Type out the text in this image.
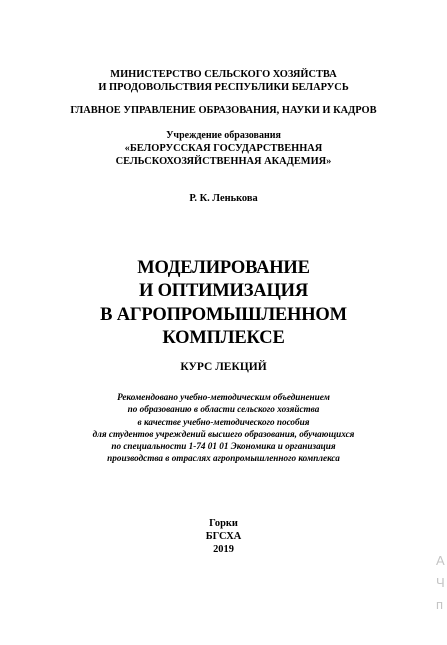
МИНИСТЕРСТВО СЕЛЬСКОГО ХОЗЯЙСТВА
И ПРОДОВОЛЬСТВИЯ РЕСПУБЛИКИ БЕЛАРУСЬ
ГЛАВНОЕ УПРАВЛЕНИЕ ОБРАЗОВАНИЯ, НАУКИ И КАДРОВ
Учреждение образования
«БЕЛОРУССКАЯ ГОСУДАРСТВЕННАЯ
СЕЛЬСКОХОЗЯЙСТВЕННАЯ АКАДЕМИЯ»
Р. К. Ленькова
МОДЕЛИРОВАНИЕ
И ОПТИМИЗАЦИЯ
В АГРОПРОМЫШЛЕННОМ
КОМПЛЕКСЕ
КУРС ЛЕКЦИЙ
Рекомендовано учебно-методическим объединением
по образованию в области сельского хозяйства
в качестве учебно-методического пособия
для студентов учреждений высшего образования, обучающихся
по специальности 1-74 01 01 Экономика и организация
производства в отраслях агропромышленного комплекса
Горки
БГСХА
2019
А
Ч
п
